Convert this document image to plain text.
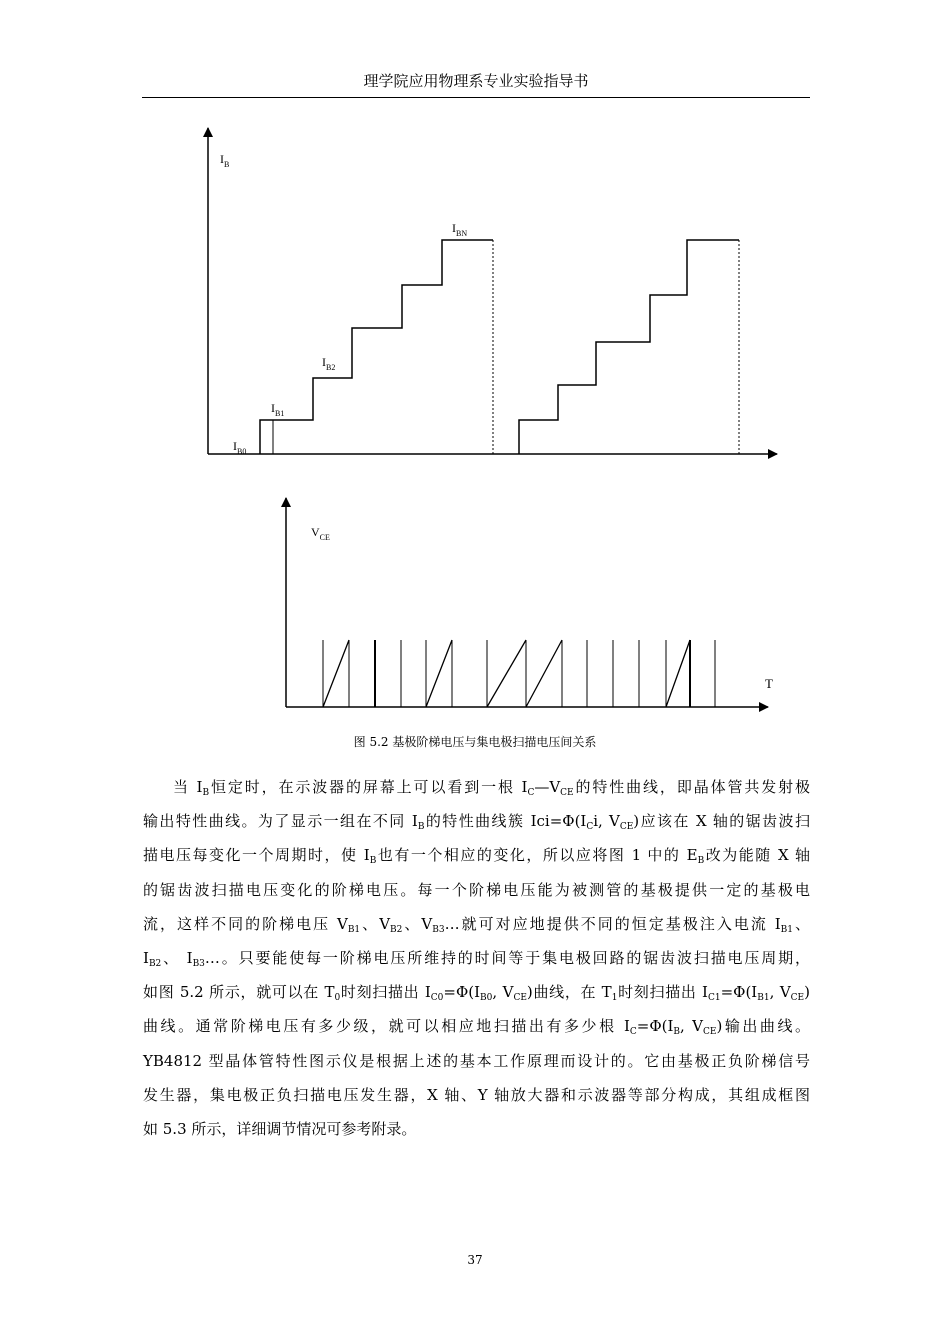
理学院应用物理系专业实验指导书
$I_B$
$I_{B0}$
$I_{B1}$
$I_{B2}$
$I_{BN}$
$V_{CE}$
T
图 5.2 基极阶梯电压与集电极扫描电压间关系

当 $I_B$恒定时，在示波器的屏幕上可以看到一根 $I_C—V_{CE}$的特性曲线，即晶体管共发射极
输出特性曲线。为了显示一组在不同 $I_B$的特性曲线簇 $Ici=\Phi(I_Ci$, $V_{CE}$)应该在 X 轴的锯齿波扫
描电压每变化一个周期时，使 $I_B$也有一个相应的变化，所以应将图 1 中的 $E_B$改为能随 X 轴
的锯齿波扫描电压变化的阶梯电压。每一个阶梯电压能为被测管的基极提供一定的基极电
流，这样不同的阶梯电压 $V_{B1}$、$V_{B2}$、$V_{B3}\dots$就可对应地提供不同的恒定基极注入电流 $I_{B1}$、
$I_{B2}$、 $I_{B3}\dots$。只要能使每一阶梯电压所维持的时间等于集电极回路的锯齿波扫描电压周期，
如图 5.2 所示，就可以在 $T_0$时刻扫描出 $I_{C0}=\Phi(I_{B0}$, $V_{CE}$)曲线，在 $T_1$时刻扫描出 $I_{C1}=\Phi(I_{B1}$, $V_{CE}$)
曲线。通常阶梯电压有多少级，就可以相应地扫描出有多少根 $I_C=\Phi(I_B$, $V_{CE}$)输出曲线。
YB4812 型晶体管特性图示仪是根据上述的基本工作原理而设计的。它由基极正负阶梯信号
发生器，集电极正负扫描电压发生器，X 轴、Y 轴放大器和示波器等部分构成，其组成框图
如 5.3 所示，详细调节情况可参考附录。

37
